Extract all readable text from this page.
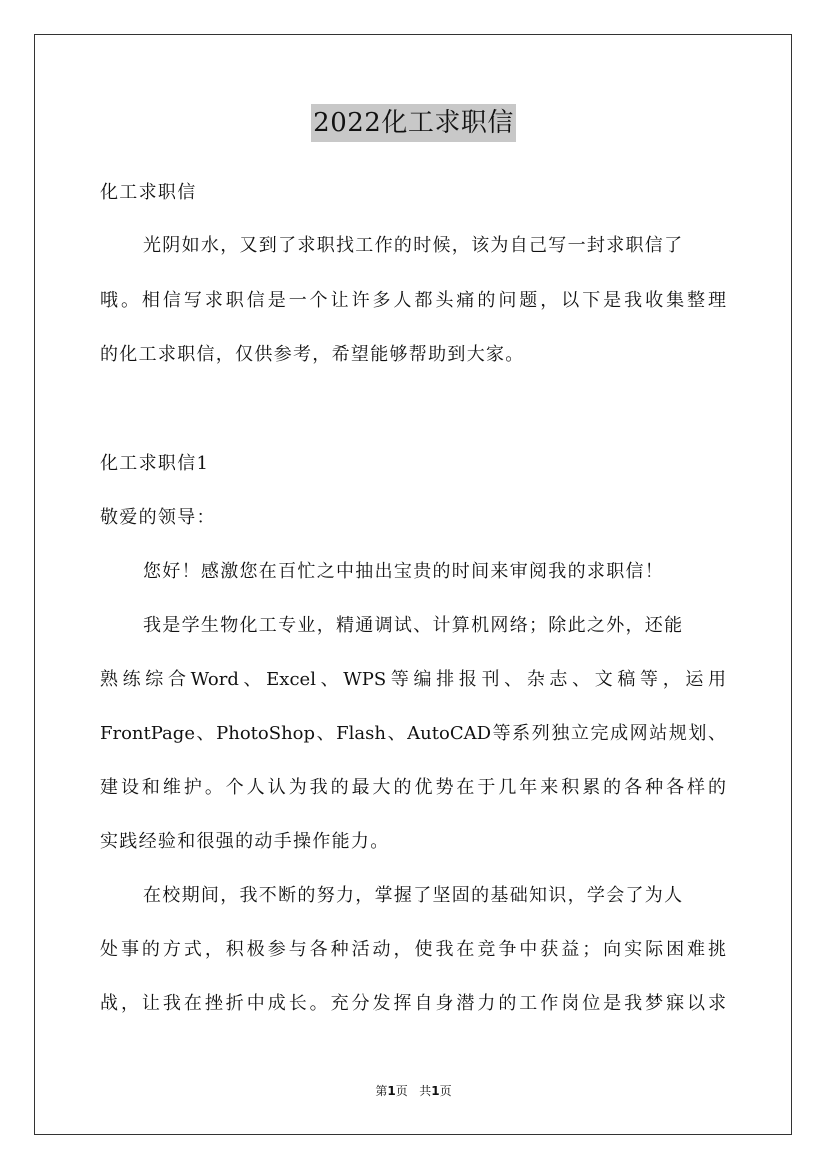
2022化工求职信
化工求职信
光阴如水，又到了求职找工作的时候，该为自己写一封求职信了
哦。相信写求职信是一个让许多人都头痛的问题，以下是我收集整理
的化工求职信，仅供参考，希望能够帮助到大家。
化工求职信1
敬爱的领导：
您好！感激您在百忙之中抽出宝贵的时间来审阅我的求职信！
我是学生物化工专业，精通调试、计算机网络；除此之外，还能
熟练综合Word、Excel、WPS等编排报刊、杂志、文稿等，运用
FrontPage、PhotoShop、Flash、AutoCAD等系列独立完成网站规划、
建设和维护。个人认为我的最大的优势在于几年来积累的各种各样的
实践经验和很强的动手操作能力。
在校期间，我不断的努力，掌握了坚固的基础知识，学会了为人
处事的方式，积极参与各种活动，使我在竞争中获益；向实际困难挑
战，让我在挫折中成长。充分发挥自身潜力的工作岗位是我梦寐以求
第1页 共1页
